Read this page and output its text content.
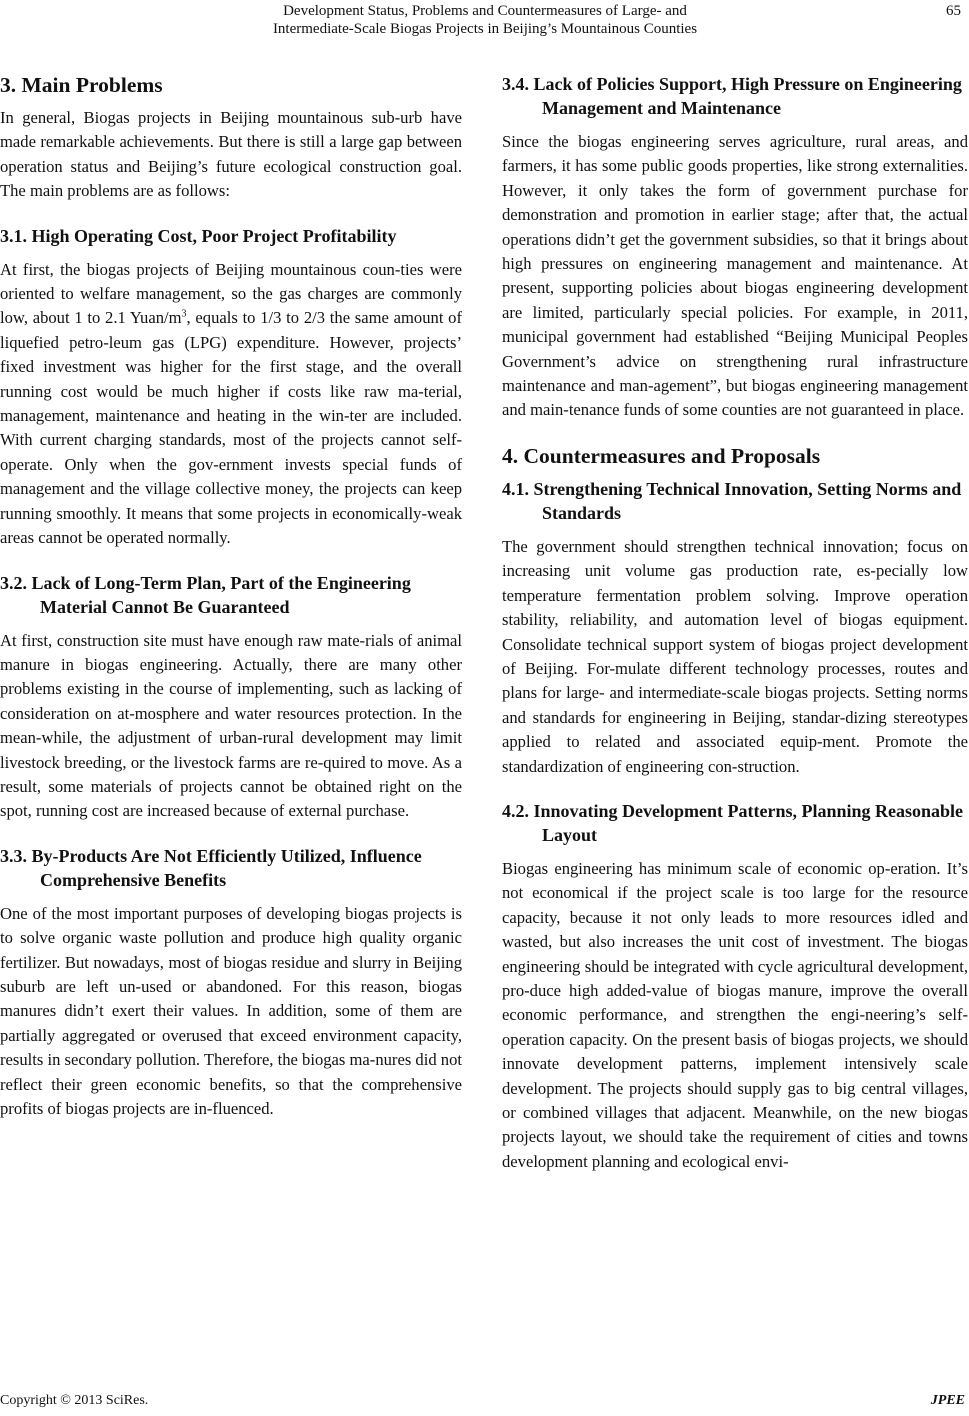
Development Status, Problems and Countermeasures of Large- and
Intermediate-Scale Biogas Projects in Beijing’s Mountainous Counties
65
3. Main Problems

In general, Biogas projects in Beijing mountainous sub-urb have made remarkable achievements. But there is still a large gap between operation status and Beijing’s future ecological construction goal. The main problems are as follows:

3.1. High Operating Cost, Poor Project Profitability

At first, the biogas projects of Beijing mountainous coun-ties were oriented to welfare management, so the gas charges are commonly low, about 1 to 2.1 Yuan/$m^3$, equals to 1/3 to 2/3 the same amount of liquefied petro-leum gas (LPG) expenditure. However, projects’ fixed investment was higher for the first stage, and the overall running cost would be much higher if costs like raw ma-terial, management, maintenance and heating in the win-ter are included. With current charging standards, most of the projects cannot self-operate. Only when the gov-ernment invests special funds of management and the village collective money, the projects can keep running smoothly. It means that some projects in economically-weak areas cannot be operated normally.

3.2. Lack of Long-Term Plan, Part of the Engineering Material Cannot Be Guaranteed

At first, construction site must have enough raw mate-rials of animal manure in biogas engineering. Actually, there are many other problems existing in the course of implementing, such as lacking of consideration on at-mosphere and water resources protection. In the mean-while, the adjustment of urban-rural development may limit livestock breeding, or the livestock farms are re-quired to move. As a result, some materials of projects cannot be obtained right on the spot, running cost are increased because of external purchase.

3.3. By-Products Are Not Efficiently Utilized, Influence Comprehensive Benefits

One of the most important purposes of developing biogas projects is to solve organic waste pollution and produce high quality organic fertilizer. But nowadays, most of biogas residue and slurry in Beijing suburb are left un-used or abandoned. For this reason, biogas manures didn’t exert their values. In addition, some of them are partially aggregated or overused that exceed environment capacity, results in secondary pollution. Therefore, the biogas ma-nures did not reflect their green economic benefits, so that the comprehensive profits of biogas projects are in-fluenced.

3.4. Lack of Policies Support, High Pressure on Engineering Management and Maintenance

Since the biogas engineering serves agriculture, rural areas, and farmers, it has some public goods properties, like strong externalities. However, it only takes the form of government purchase for demonstration and promotion in earlier stage; after that, the actual operations didn’t get the government subsidies, so that it brings about high pressures on engineering management and maintenance. At present, supporting policies about biogas engineering development are limited, particularly special policies. For example, in 2011, municipal government had established “Beijing Municipal Peoples Government’s advice on strengthening rural infrastructure maintenance and man-agement”, but biogas engineering management and main-tenance funds of some counties are not guaranteed in place.

4. Countermeasures and Proposals
4.1. Strengthening Technical Innovation, Setting Norms and Standards

The government should strengthen technical innovation; focus on increasing unit volume gas production rate, es-pecially low temperature fermentation problem solving. Improve operation stability, reliability, and automation level of biogas equipment. Consolidate technical support system of biogas project development of Beijing. For-mulate different technology processes, routes and plans for large- and intermediate-scale biogas projects. Setting norms and standards for engineering in Beijing, standar-dizing stereotypes applied to related and associated equip-ment. Promote the standardization of engineering con-struction.

4.2. Innovating Development Patterns, Planning Reasonable Layout

Biogas engineering has minimum scale of economic op-eration. It’s not economical if the project scale is too large for the resource capacity, because it not only leads to more resources idled and wasted, but also increases the unit cost of investment. The biogas engineering should be integrated with cycle agricultural development, pro-duce high added-value of biogas manure, improve the overall economic performance, and strengthen the engi-neering’s self-operation capacity. On the present basis of biogas projects, we should innovate development patterns, implement intensively scale development. The projects should supply gas to big central villages, or combined villages that adjacent. Meanwhile, on the new biogas projects layout, we should take the requirement of cities and towns development planning and ecological envi-

Copyright © 2013 SciRes.	JPEE
